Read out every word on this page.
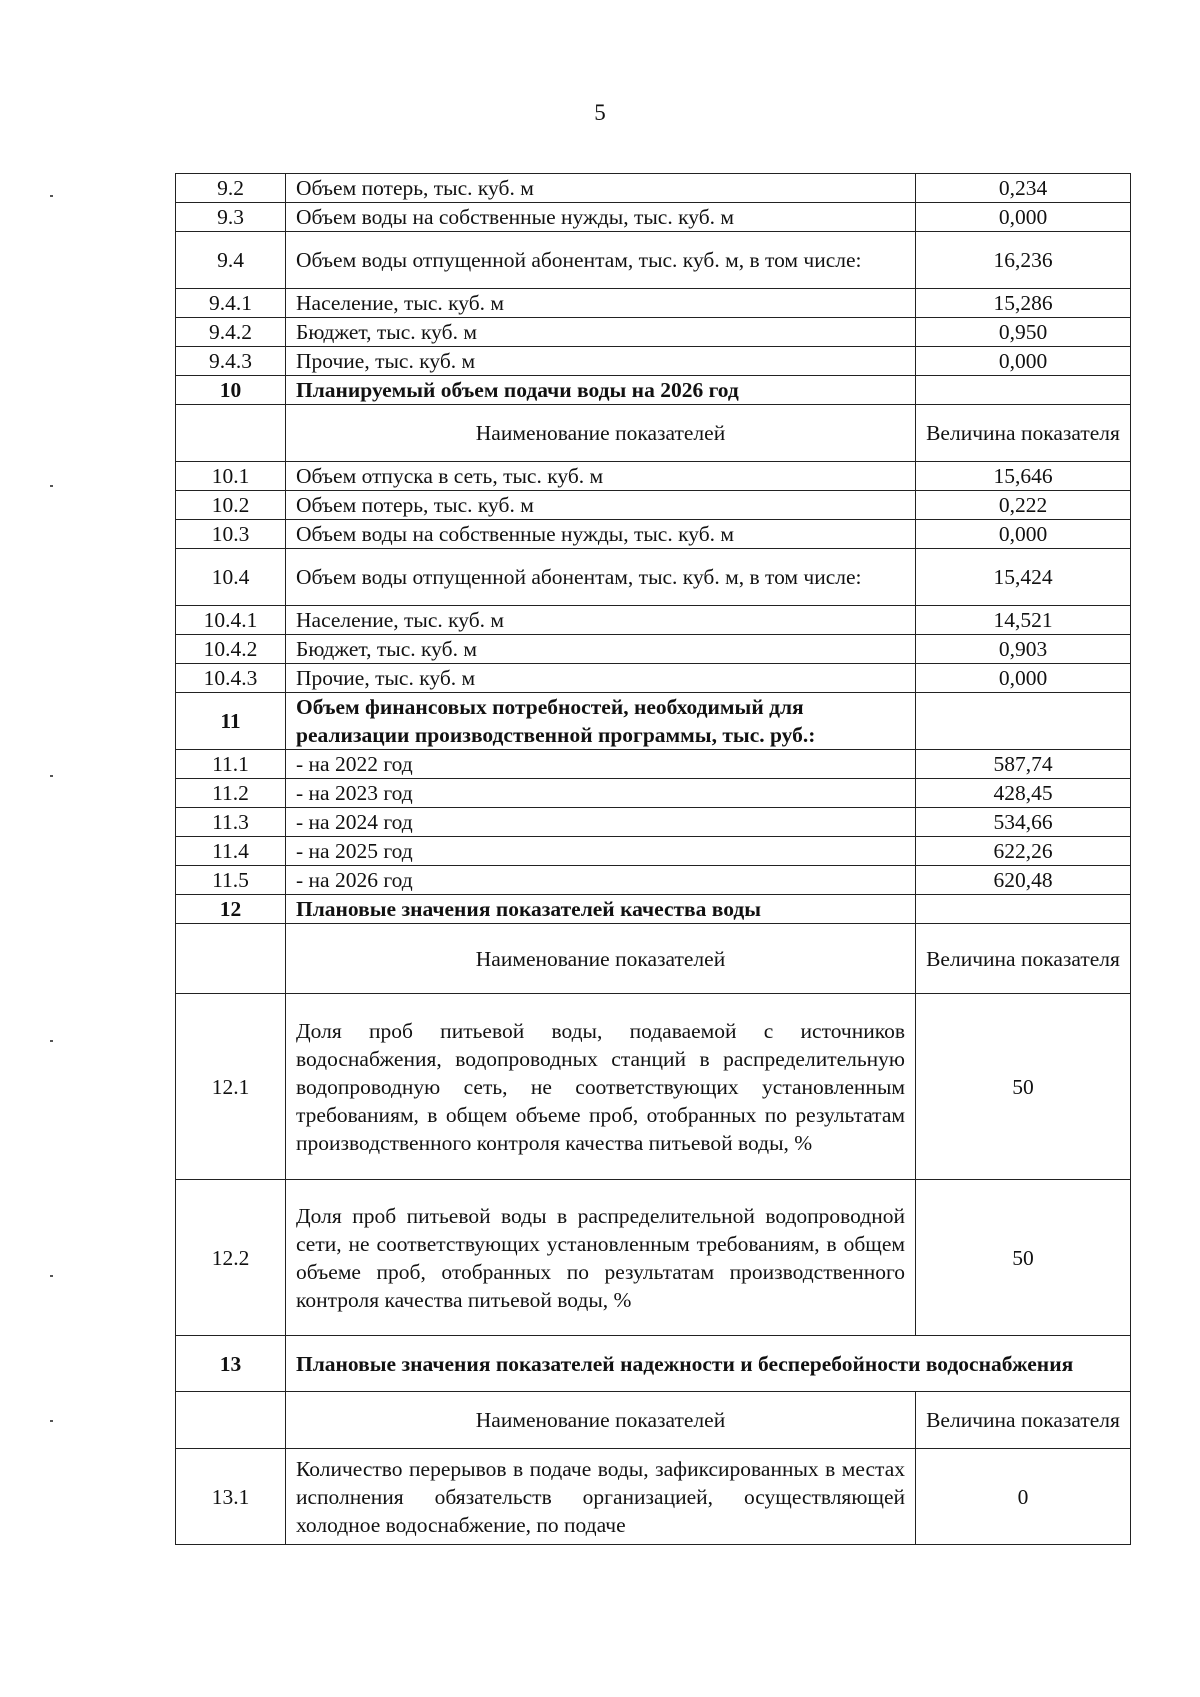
5
9.2	Объем потерь, тыс. куб. м	0,234
9.3	Объем воды на собственные нужды, тыс. куб. м	0,000
9.4	Объем воды отпущенной абонентам, тыс. куб. м, в том числе:	16,236
9.4.1	Население, тыс. куб. м	15,286
9.4.2	Бюджет, тыс. куб. м	0,950
9.4.3	Прочие, тыс. куб. м	0,000
10	Планируемый объем подачи воды на 2026 год	
	Наименование показателей	Величина показателя
10.1	Объем отпуска в сеть, тыс. куб. м	15,646
10.2	Объем потерь, тыс. куб. м	0,222
10.3	Объем воды на собственные нужды, тыс. куб. м	0,000
10.4	Объем воды отпущенной абонентам, тыс. куб. м, в том числе:	15,424
10.4.1	Население, тыс. куб. м	14,521
10.4.2	Бюджет, тыс. куб. м	0,903
10.4.3	Прочие, тыс. куб. м	0,000
11	Объем финансовых потребностей, необходимый для реализации производственной программы, тыс. руб.:	
11.1	- на 2022 год	587,74
11.2	- на 2023 год	428,45
11.3	- на 2024 год	534,66
11.4	- на 2025 год	622,26
11.5	- на 2026 год	620,48
12	Плановые значения показателей качества воды	
	Наименование показателей	Величина показателя
12.1	Доля проб питьевой воды, подаваемой с источников водоснабжения, водопроводных станций в распределительную водопроводную сеть, не соответствующих установленным требованиям, в общем объеме проб, отобранных по результатам производственного контроля качества питьевой воды, %	50
12.2	Доля проб питьевой воды в распределительной водопроводной сети, не соответствующих установленным требованиям, в общем объеме проб, отобранных по результатам производственного контроля качества питьевой воды, %	50
13	Плановые значения показателей надежности и бесперебойности водоснабжения	
	Наименование показателей	Величина показателя
13.1	Количество перерывов в подаче воды, зафиксированных в местах исполнения обязательств организацией, осуществляющей холодное водоснабжение, по подаче	0
